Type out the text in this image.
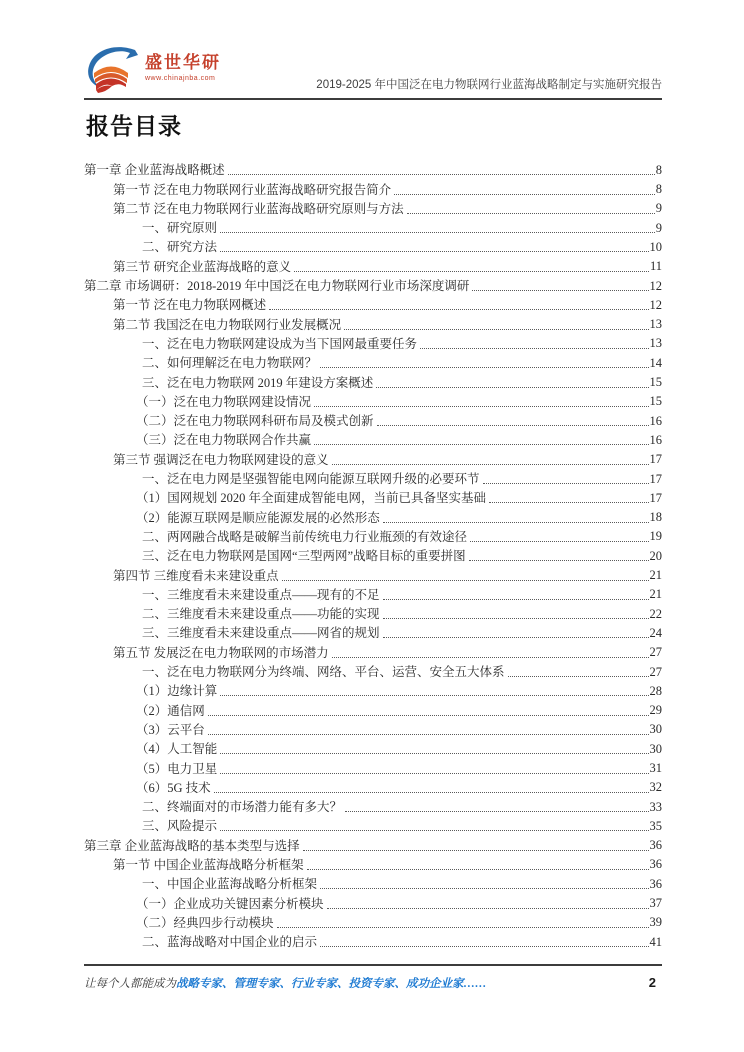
盛世华研
www.chinajnba.com
2019-2025 年中国泛在电力物联网行业蓝海战略制定与实施研究报告
报告目录
第一章 企业蓝海战略概述	8
第一节 泛在电力物联网行业蓝海战略研究报告简介	8
第二节 泛在电力物联网行业蓝海战略研究原则与方法	9
一、研究原则	9
二、研究方法	10
第三节 研究企业蓝海战略的意义	11
第二章 市场调研：2018-2019 年中国泛在电力物联网行业市场深度调研	12
第一节 泛在电力物联网概述	12
第二节 我国泛在电力物联网行业发展概况	13
一、泛在电力物联网建设成为当下国网最重要任务	13
二、如何理解泛在电力物联网？	14
三、泛在电力物联网 2019 年建设方案概述	15
（一）泛在电力物联网建设情况	15
（二）泛在电力物联网科研布局及模式创新	16
（三）泛在电力物联网合作共赢	16
第三节 强调泛在电力物联网建设的意义	17
一、泛在电力网是坚强智能电网向能源互联网升级的必要环节	17
（1）国网规划 2020 年全面建成智能电网，当前已具备坚实基础	17
（2）能源互联网是顺应能源发展的必然形态	18
二、两网融合战略是破解当前传统电力行业瓶颈的有效途径	19
三、泛在电力物联网是国网“三型两网”战略目标的重要拼图	20
第四节 三维度看未来建设重点	21
一、三维度看未来建设重点——现有的不足	21
二、三维度看未来建设重点——功能的实现	22
三、三维度看未来建设重点——网省的规划	24
第五节 发展泛在电力物联网的市场潜力	27
一、泛在电力物联网分为终端、网络、平台、运营、安全五大体系	27
（1）边缘计算	28
（2）通信网	29
（3）云平台	30
（4）人工智能	30
（5）电力卫星	31
（6）5G 技术	32
二、终端面对的市场潜力能有多大？	33
三、风险提示	35
第三章 企业蓝海战略的基本类型与选择	36
第一节 中国企业蓝海战略分析框架	36
一、中国企业蓝海战略分析框架	36
（一）企业成功关键因素分析模块	37
（二）经典四步行动模块	39
二、蓝海战略对中国企业的启示	41
让每个人都能成为战略专家、管理专家、行业专家、投资专家、成功企业家……	2
